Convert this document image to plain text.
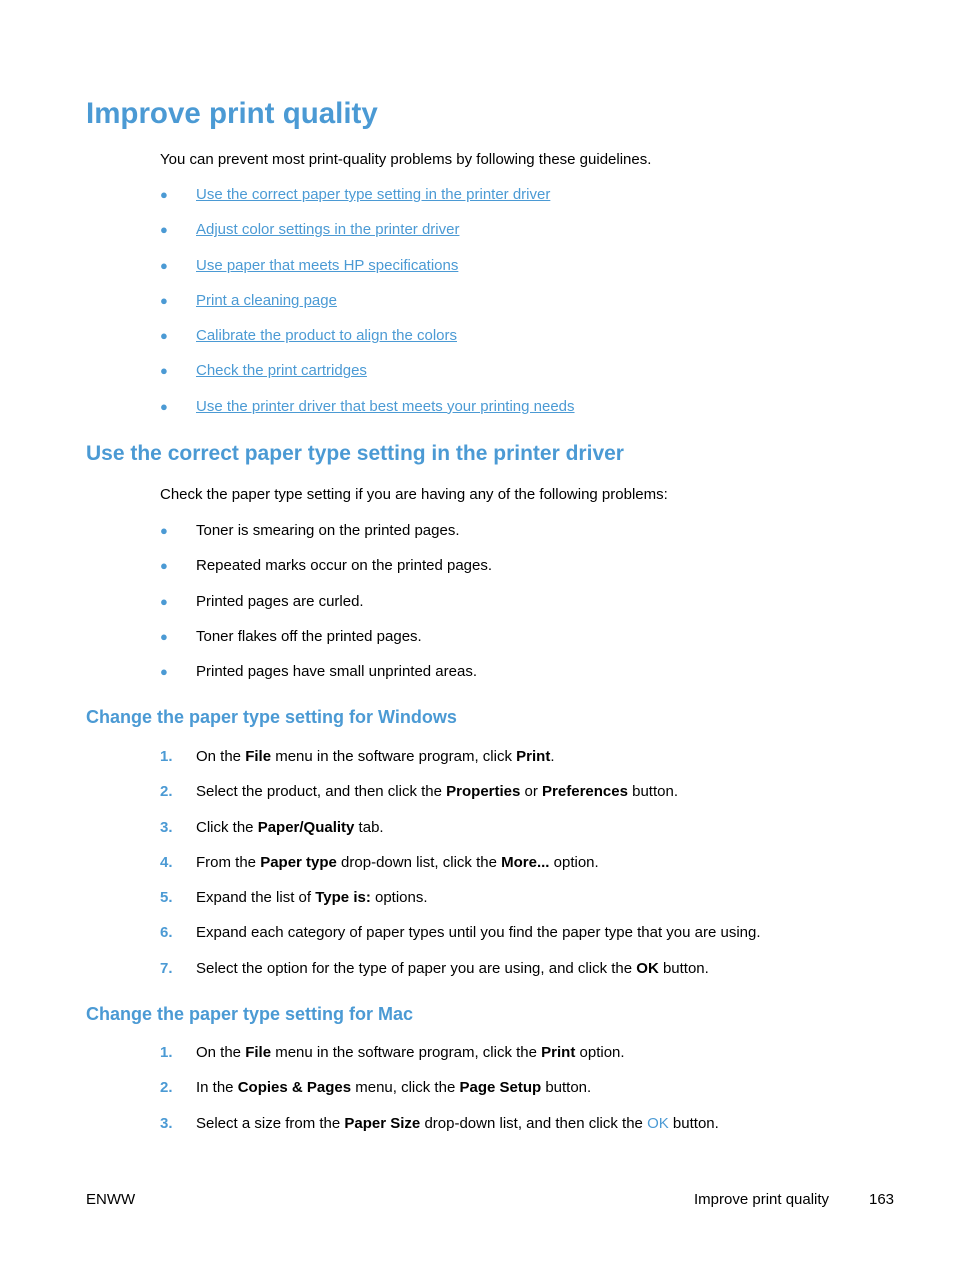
Improve print quality

You can prevent most print-quality problems by following these guidelines.

●	Use the correct paper type setting in the printer driver
●	Adjust color settings in the printer driver
●	Use paper that meets HP specifications
●	Print a cleaning page
●	Calibrate the product to align the colors
●	Check the print cartridges
●	Use the printer driver that best meets your printing needs
Use the correct paper type setting in the printer driver

Check the paper type setting if you are having any of the following problems:

●	Toner is smearing on the printed pages.
●	Repeated marks occur on the printed pages.
●	Printed pages are curled.
●	Toner flakes off the printed pages.
●	Printed pages have small unprinted areas.
Change the paper type setting for Windows
1. On the File menu in the software program, click Print.
2. Select the product, and then click the Properties or Preferences button.
3. Click the Paper/Quality tab.
4. From the Paper type drop-down list, click the More... option.
5. Expand the list of Type is: options.
6. Expand each category of paper types until you find the paper type that you are using.
7. Select the option for the type of paper you are using, and click the OK button.
Change the paper type setting for Mac
1. On the File menu in the software program, click the Print option.
2. In the Copies & Pages menu, click the Page Setup button.
3. Select a size from the Paper Size drop-down list, and then click the OK button.
ENWW	Improve print quality	163
